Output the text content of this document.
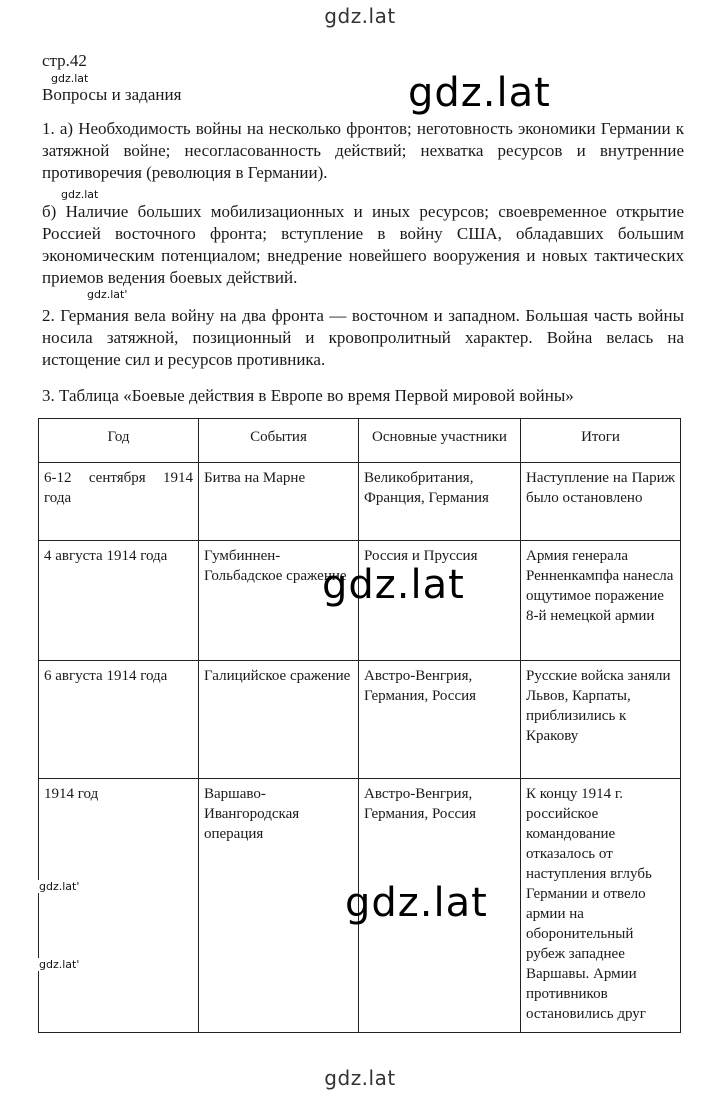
gdz.lat
стр.42
gdz.lat
Вопросы и задания	gdz.lat
1. а) Необходимость войны на несколько фронтов; неготовность экономики Германии к затяжной войне; несогласованность действий; нехватка ресурсов и внутренние противоречия (революция в Германии).
gdz.lat
б) Наличие больших мобилизационных и иных ресурсов; своевременное открытие Россией восточного фронта; вступление в войну США, обладавших большим экономическим потенциалом; внедрение новейшего вооружения и новых тактических приемов ведения боевых действий.
gdz.lat'
2. Германия вела войну на два фронта — восточном и западном. Большая часть войны носила затяжной, позиционный и кровопролитный характер. Война велась на истощение сил и ресурсов противника.
3. Таблица «Боевые действия в Европе во время Первой мировой войны»
Год	События	Основные участники	Итоги
6-12 сентября 1914 года	Битва на Марне	Великобритания, Франция, Германия	Наступление на Париж было остановлено
4 августа 1914 года	Гумбиннен-Гольбадское сражение	Россия и Пруссия	Армия генерала Ренненкампфа нанесла ощутимое поражение 8-й немецкой армии
6 августа 1914 года	Галицийское сражение	Австро-Венгрия, Германия, Россия	Русские войска заняли Львов, Карпаты, приблизились к Кракову
1914 год	Варшаво-Ивангородская операция	Австро-Венгрия, Германия, Россия	К концу 1914 г. российское командование отказалось от наступления вглубь Германии и отвело армии на оборонительный рубеж западнее Варшавы. Армии противников остановились друг
gdz.lat
gdz.lat
gdz.lat'
gdz.lat'
gdz.lat
